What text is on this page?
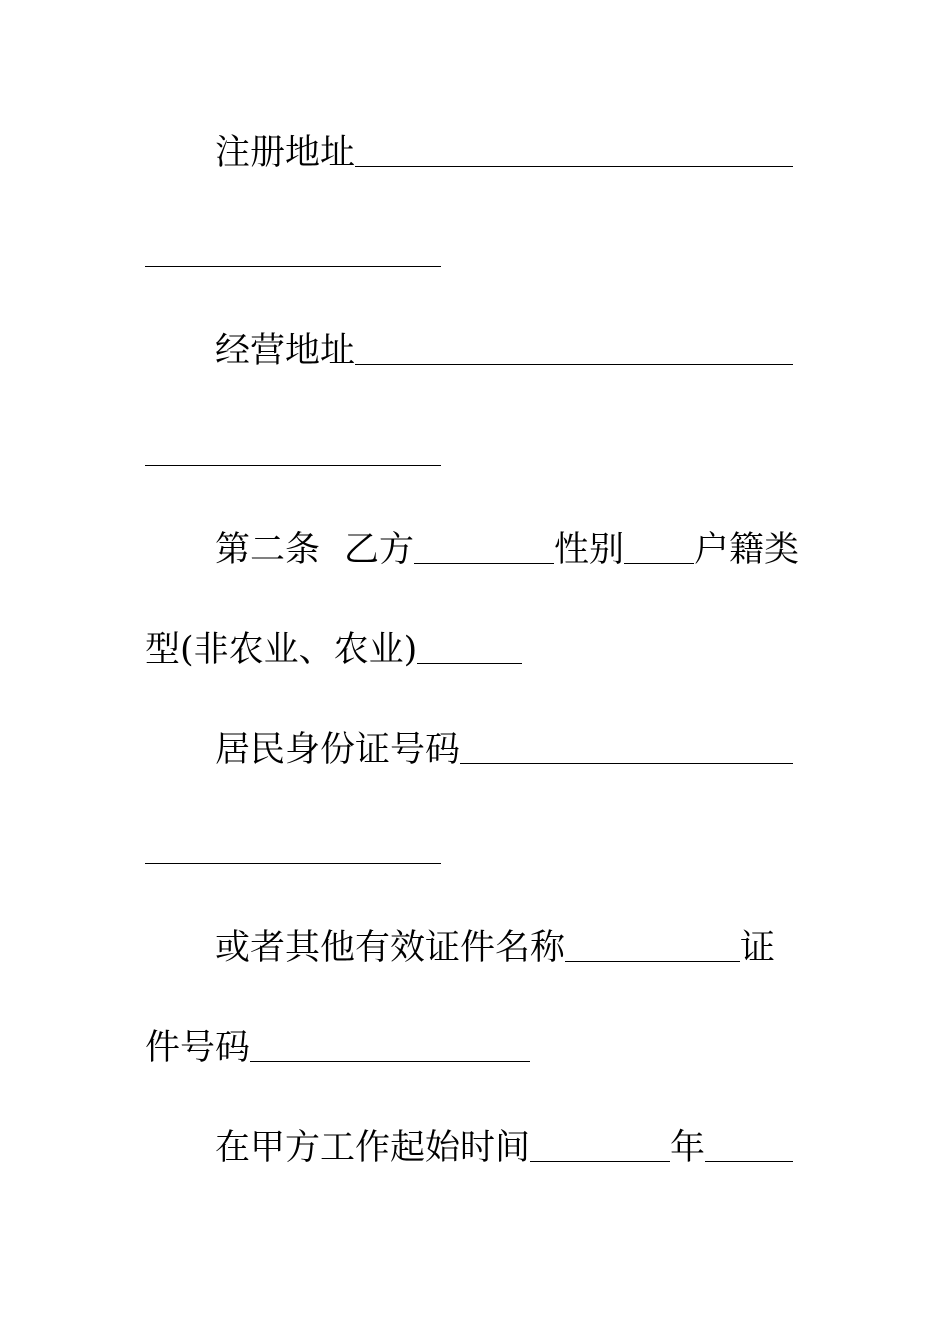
注册地址
经营地址
第二条 乙方	性别 户籍类
型(非农业、农业)
居民身份证号码
或者其他有效证件名称	证
件号码
在甲方工作起始时间	年
